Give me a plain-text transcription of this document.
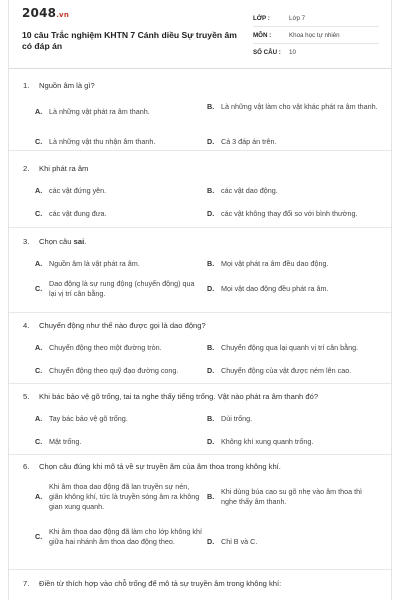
2048.vn
10 câu Trắc nghiệm KHTN 7 Cánh diều Sự truyền âm có đáp án
LỚP :	Lớp 7
MÔN :	Khoa học tự nhiên
SỐ CÂU :	10
1. Nguồn âm là gì?
A. Là những vật phát ra âm thanh.
B. Là những vật làm cho vật khác phát ra âm thanh.
C. Là những vật thu nhận âm thanh.	D. Cả 3 đáp án trên.
2. Khi phát ra âm
A. các vật đứng yên.	B. các vật dao động.
C. các vật đung đưa.	D. các vật không thay đổi so với bình thường.
3. Chọn câu sai.
A. Nguồn âm là vật phát ra âm.	B. Mọi vật phát ra âm đều dao động.
C.
Dao động là sự rung động (chuyển động) qua lại vị trí cân bằng.
D. Mọi vật dao động đều phát ra âm.
4. Chuyển động như thế nào được gọi là dao động?
A. Chuyển động theo một đường tròn.	B. Chuyển động qua lại quanh vị trí cân bằng.
C. Chuyển động theo quỹ đạo đường cong.	D. Chuyển động của vật được ném lên cao.
5. Khi bác bảo vệ gõ trống, tai ta nghe thấy tiếng trống. Vật nào phát ra âm thanh đó?
A. Tay bác bảo vệ gõ trống.	B. Dùi trống.
C. Mặt trống.	D. Không khí xung quanh trống.
6. Chọn câu đúng khi mô tả về sự truyền âm của âm thoa trong không khí.
A.
Khi âm thoa dao động đã lan truyền sự nén, giãn không khí, tức là truyền sóng âm ra không gian xung quanh.
B.
Khi dùng búa cao su gõ nhẹ vào âm thoa thì nghe thấy âm thanh.
C.
Khi âm thoa dao động đã làm cho lớp không khí giữa hai nhánh âm thoa dao động theo.	D. Chỉ B và C.
7. Điền từ thích hợp vào chỗ trống để mô tả sự truyền âm trong không khí:
